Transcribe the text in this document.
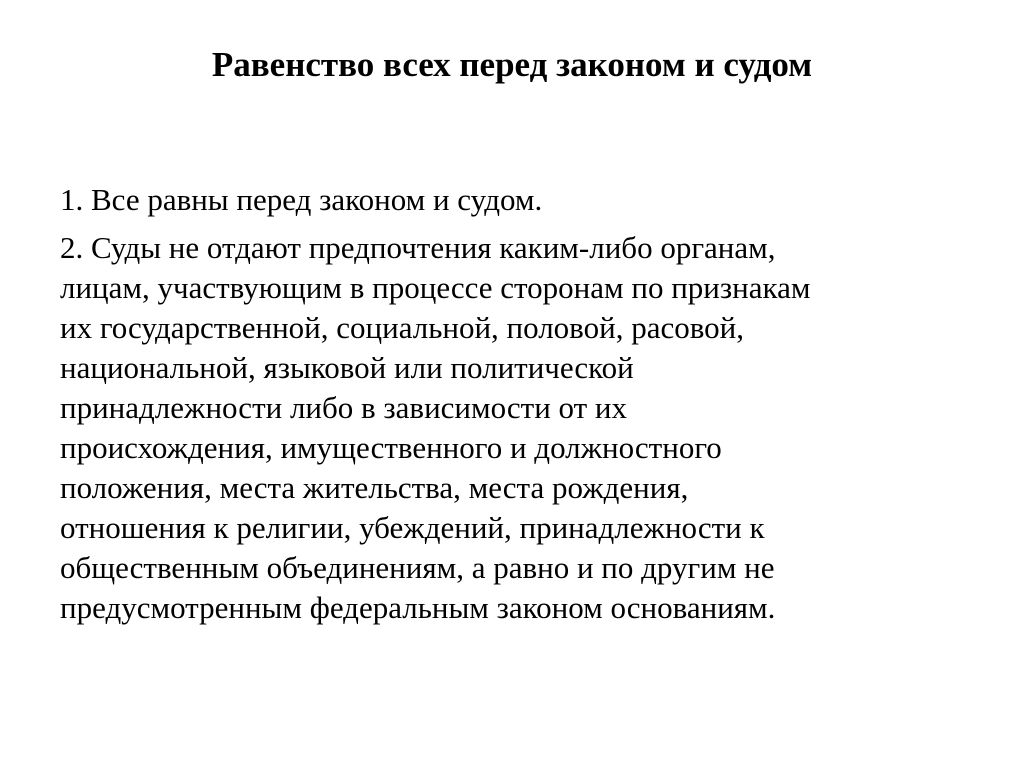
Равенство всех перед законом и судом

1. Все равны перед законом и судом.

2. Суды не отдают предпочтения каким-либо органам,
лицам, участвующим в процессе сторонам по признакам
их государственной, социальной, половой, расовой,
национальной, языковой или политической
принадлежности либо в зависимости от их
происхождения, имущественного и должностного
положения, места жительства, места рождения,
отношения к религии, убеждений, принадлежности к
общественным объединениям, а равно и по другим не
предусмотренным федеральным законом основаниям.
